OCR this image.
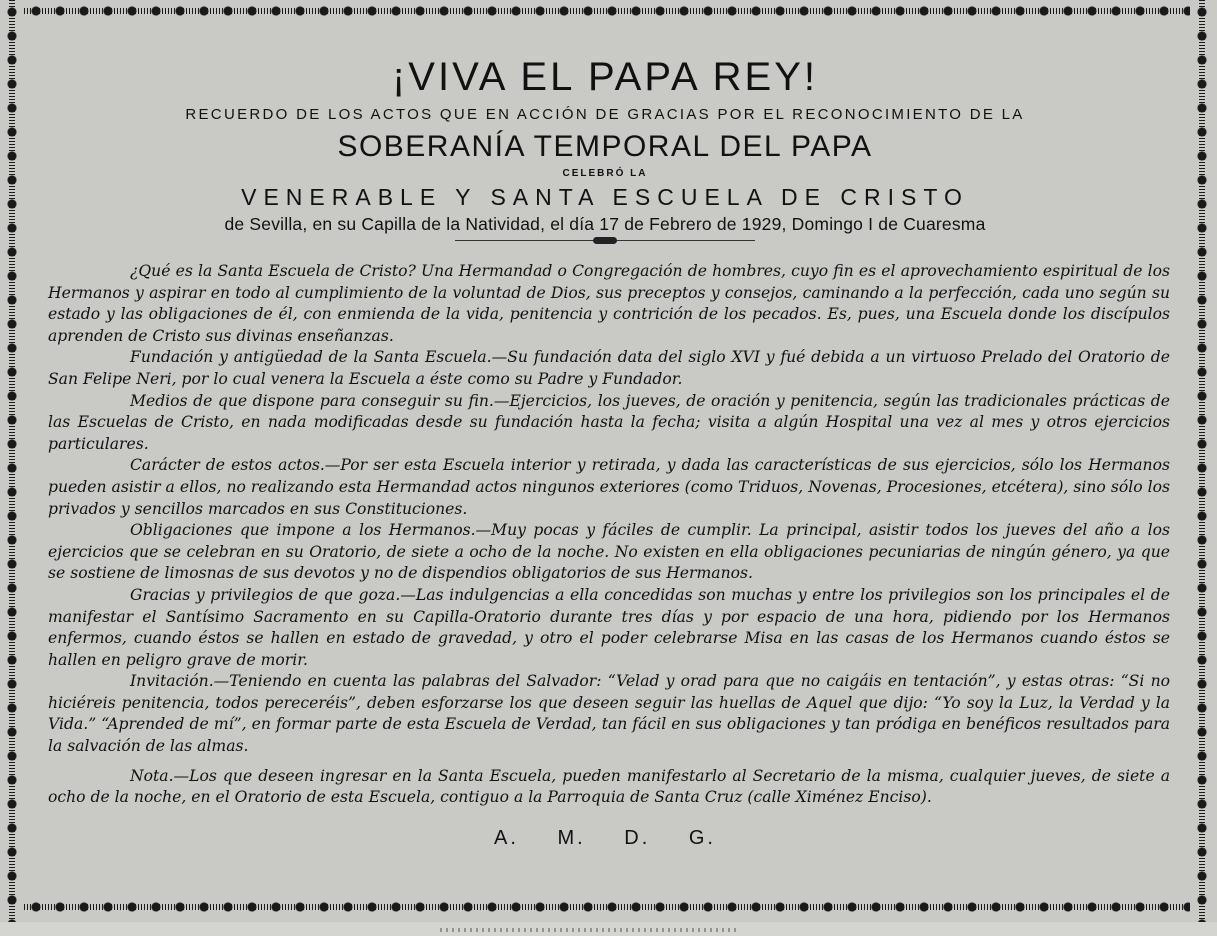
¡VIVA EL PAPA REY!
RECUERDO DE LOS ACTOS QUE EN ACCIÓN DE GRACIAS POR EL RECONOCIMIENTO DE LA
SOBERANÍA TEMPORAL DEL PAPA
CELEBRÓ LA
VENERABLE Y SANTA ESCUELA DE CRISTO
de Sevilla, en su Capilla de la Natividad, el día 17 de Febrero de 1929, Domingo I de Cuaresma

¿Qué es la Santa Escuela de Cristo? Una Hermandad o Congregación de hombres, cuyo fin es el aprovechamiento espiritual de los Hermanos y aspirar en todo al cumplimiento de la voluntad de Dios, sus preceptos y consejos, caminando a la perfección, cada uno según su estado y las obligaciones de él, con enmienda de la vida, penitencia y contrición de los pecados. Es, pues, una Escuela donde los discípulos aprenden de Cristo sus divinas enseñanzas.

Fundación y antigüedad de la Santa Escuela.—Su fundación data del siglo XVI y fué debida a un virtuoso Prelado del Oratorio de San Felipe Neri, por lo cual venera la Escuela a éste como su Padre y Fundador.

Medios de que dispone para conseguir su fin.—Ejercicios, los jueves, de oración y penitencia, según las tradicionales prácticas de las Escuelas de Cristo, en nada modificadas desde su fundación hasta la fecha; visita a algún Hospital una vez al mes y otros ejercicios particulares.

Carácter de estos actos.—Por ser esta Escuela interior y retirada, y dada las características de sus ejercicios, sólo los Hermanos pueden asistir a ellos, no realizando esta Hermandad actos ningunos exteriores (como Triduos, Novenas, Procesiones, etcétera), sino sólo los privados y sencillos marcados en sus Constituciones.

Obligaciones que impone a los Hermanos.—Muy pocas y fáciles de cumplir. La principal, asistir todos los jueves del año a los ejercicios que se celebran en su Oratorio, de siete a ocho de la noche. No existen en ella obligaciones pecuniarias de ningún género, ya que se sostiene de limosnas de sus devotos y no de dispendios obligatorios de sus Hermanos.

Gracias y privilegios de que goza.—Las indulgencias a ella concedidas son muchas y entre los privilegios son los principales el de manifestar el Santísimo Sacramento en su Capilla-Oratorio durante tres días y por espacio de una hora, pidiendo por los Hermanos enfermos, cuando éstos se hallen en estado de gravedad, y otro el poder celebrarse Misa en las casas de los Hermanos cuando éstos se hallen en peligro grave de morir.

Invitación.—Teniendo en cuenta las palabras del Salvador: “Velad y orad para que no caigáis en tentación”, y estas otras: “Si no hiciéreis penitencia, todos pereceréis”, deben esforzarse los que deseen seguir las huellas de Aquel que dijo: “Yo soy la Luz, la Verdad y la Vida.” “Aprended de mí”, en formar parte de esta Escuela de Verdad, tan fácil en sus obligaciones y tan pródiga en benéficos resultados para la salvación de las almas.

Nota.—Los que deseen ingresar en la Santa Escuela, pueden manifestarlo al Secretario de la misma, cualquier jueves, de siete a ocho de la noche, en el Oratorio de esta Escuela, contiguo a la Parroquia de Santa Cruz (calle Ximénez Enciso).

A. M. D. G.
